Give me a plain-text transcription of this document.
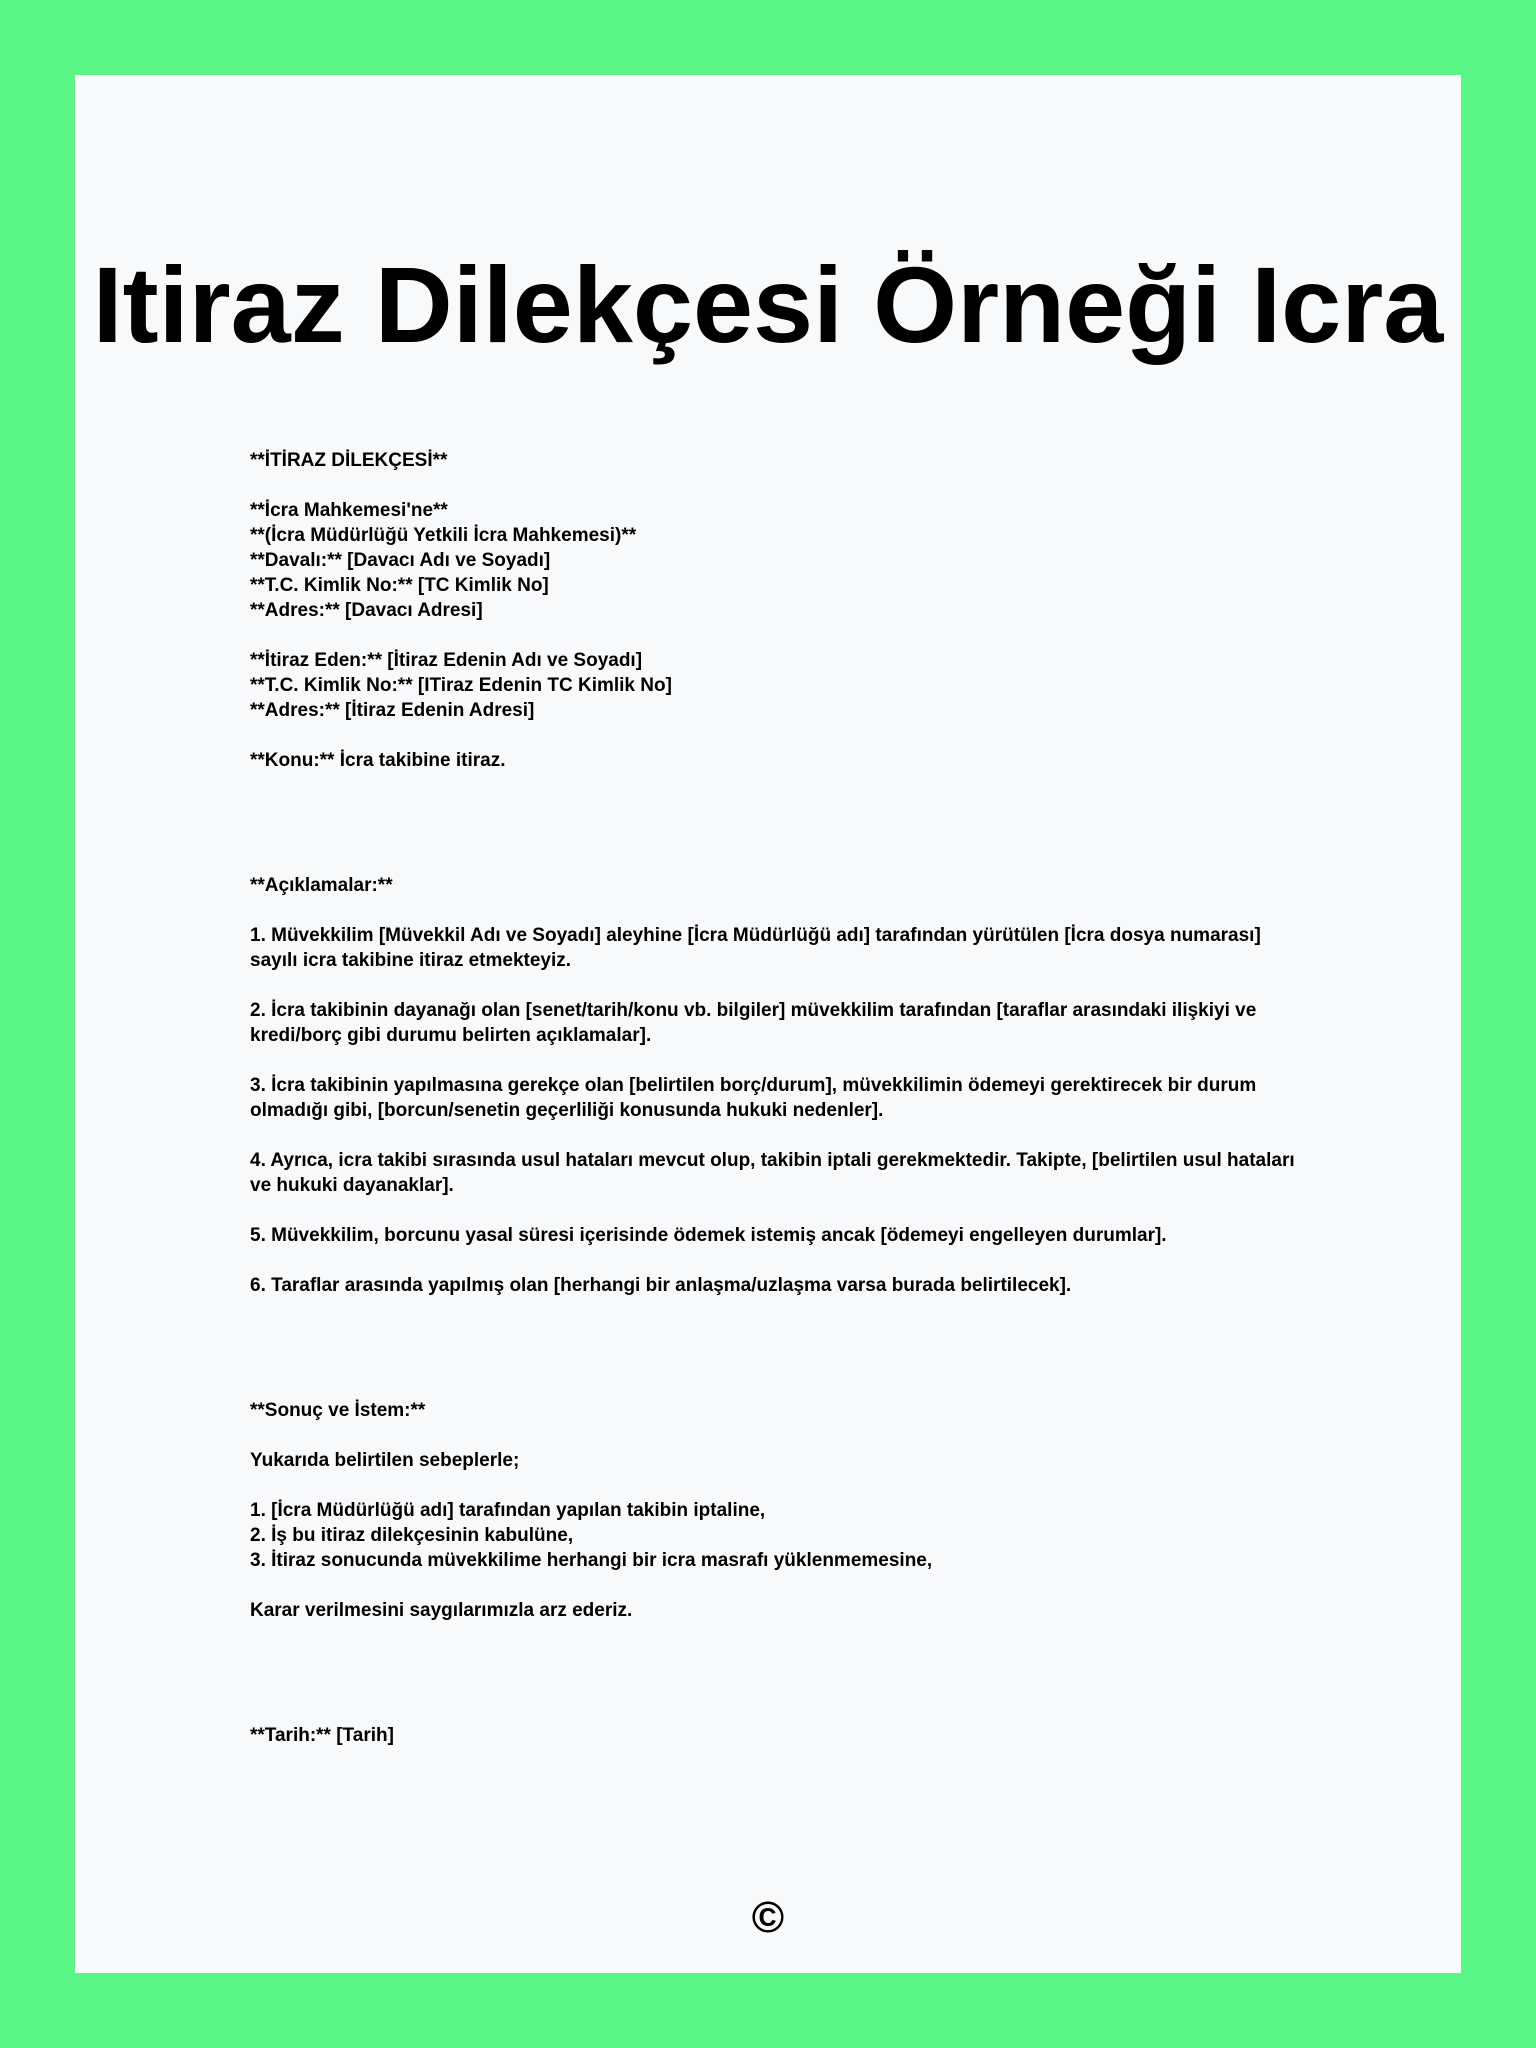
Itiraz Dilekçesi Örneği Icra
**İTİRAZ DİLEKÇESİ**
**İcra Mahkemesi'ne**
**(İcra Müdürlüğü Yetkili İcra Mahkemesi)**
**Davalı:** [Davacı Adı ve Soyadı]
**T.C. Kimlik No:** [TC Kimlik No]
**Adres:** [Davacı Adresi]
**İtiraz Eden:** [İtiraz Edenin Adı ve Soyadı]
**T.C. Kimlik No:** [ITiraz Edenin TC Kimlik No]
**Adres:** [İtiraz Edenin Adresi]
**Konu:** İcra takibine itiraz.
**Açıklamalar:**
1. Müvekkilim [Müvekkil Adı ve Soyadı] aleyhine [İcra Müdürlüğü adı] tarafından yürütülen [İcra dosya numarası] sayılı icra takibine itiraz etmekteyiz.
2. İcra takibinin dayanağı olan [senet/tarih/konu vb. bilgiler] müvekkilim tarafından [taraflar arasındaki ilişkiyi ve kredi/borç gibi durumu belirten açıklamalar].
3. İcra takibinin yapılmasına gerekçe olan [belirtilen borç/durum], müvekkilimin ödemeyi gerektirecek bir durum olmadığı gibi, [borcun/senetin geçerliliği konusunda hukuki nedenler].
4. Ayrıca, icra takibi sırasında usul hataları mevcut olup, takibin iptali gerekmektedir. Takipte, [belirtilen usul hataları ve hukuki dayanaklar].
5. Müvekkilim, borcunu yasal süresi içerisinde ödemek istemiş ancak [ödemeyi engelleyen durumlar].
6. Taraflar arasında yapılmış olan [herhangi bir anlaşma/uzlaşma varsa burada belirtilecek].
**Sonuç ve İstem:**
Yukarıda belirtilen sebeplerle;
1. [İcra Müdürlüğü adı] tarafından yapılan takibin iptaline,
2. İş bu itiraz dilekçesinin kabulüne,
3. İtiraz sonucunda müvekkilime herhangi bir icra masrafı yüklenmemesine,
Karar verilmesini saygılarımızla arz ederiz.
**Tarih:** [Tarih]
©
